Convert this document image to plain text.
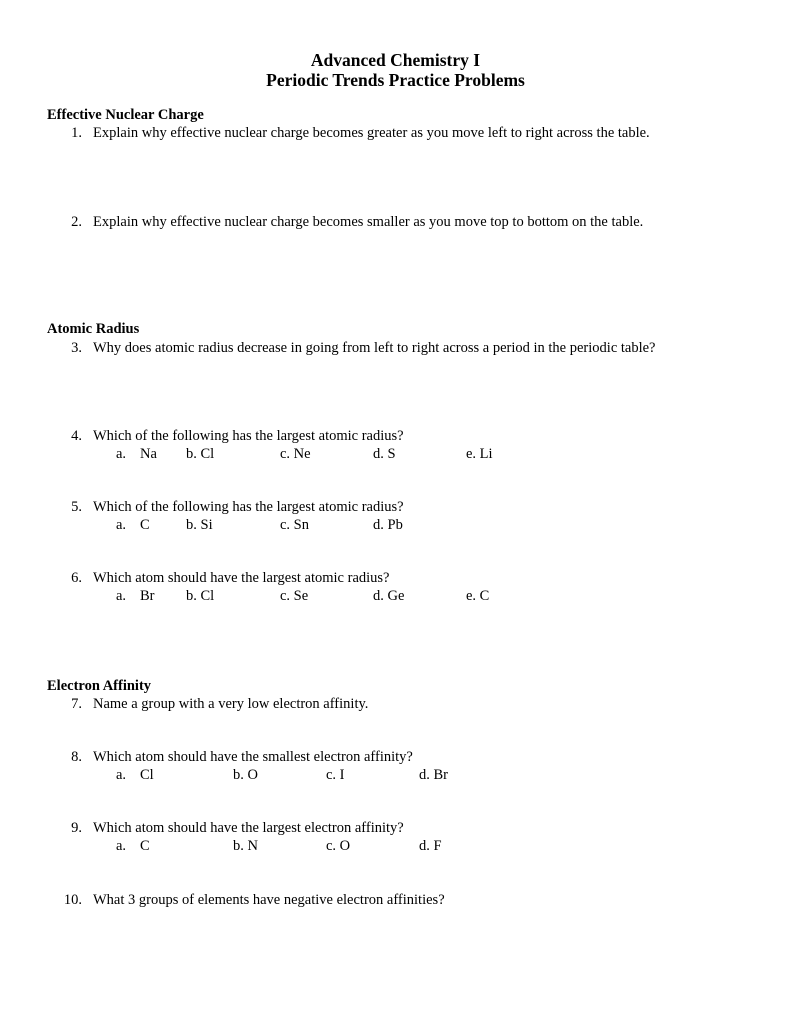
Advanced Chemistry I
Periodic Trends Practice Problems
Effective Nuclear Charge
1. Explain why effective nuclear charge becomes greater as you move left to right across the table.
2. Explain why effective nuclear charge becomes smaller as you move top to bottom on the table.
Atomic Radius
3. Why does atomic radius decrease in going from left to right across a period in the periodic table?
4. Which of the following has the largest atomic radius?
a. Na b. Cl	c. Ne	d. S	e. Li
5. Which of the following has the largest atomic radius?
a. C	b. Si	c. Sn	d. Pb
6. Which atom should have the largest atomic radius?
a. Br b. Cl	c. Se	d. Ge	e. C
Electron Affinity
7. Name a group with a very low electron affinity.
8. Which atom should have the smallest electron affinity?
a. Cl	b. O	c. I	d. Br
9. Which atom should have the largest electron affinity?
a. C	b. N	c. O	d. F
10. What 3 groups of elements have negative electron affinities?
